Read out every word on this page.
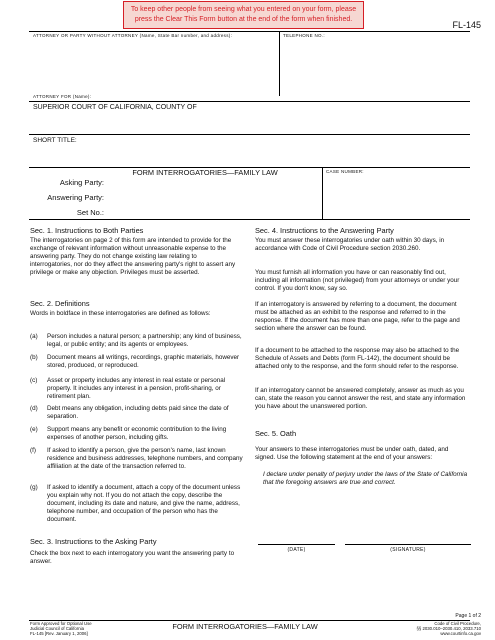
To keep other people from seeing what you entered on your form, please press the Clear This Form button at the end of the form when finished.
FL-145
ATTORNEY OR PARTY WITHOUT ATTORNEY (Name, State Bar number, and address):	TELEPHONE NO.:
ATTORNEY FOR (Name):
SUPERIOR COURT OF CALIFORNIA, COUNTY OF
SHORT TITLE:
FORM INTERROGATORIES—FAMILY LAW	CASE NUMBER:
Asking Party:
Answering Party:
Set No.:
Sec. 1. Instructions to Both Parties
The interrogatories on page 2 of this form are intended to provide for the exchange of relevant information without unreasonable expense to the answering party. They do not change existing law relating to interrogatories, nor do they affect the answering party's right to assert any privilege or make any objection. Privileges must be asserted.
Sec. 2. Definitions
Words in boldface in these interrogatories are defined as follows:
(a) Person includes a natural person; a partnership; any kind of business, legal, or public entity; and its agents or employees.
(b) Document means all writings, recordings, graphic materials, however stored, produced, or reproduced.
(c) Asset or property includes any interest in real estate or personal property. It includes any interest in a pension, profit-sharing, or retirement plan.
(d) Debt means any obligation, including debts paid since the date of separation.
(e) Support means any benefit or economic contribution to the living expenses of another person, including gifts.
(f) If asked to identify a person, give the person's name, last known residence and business addresses, telephone numbers, and company affiliation at the date of the transaction referred to.
(g) If asked to identify a document, attach a copy of the document unless you explain why not. If you do not attach the copy, describe the document, including its date and nature, and give the name, address, telephone number, and occupation of the person who has the document.
Sec. 3. Instructions to the Asking Party
Check the box next to each interrogatory you want the answering party to answer.
Sec. 4. Instructions to the Answering Party
You must answer these interrogatories under oath within 30 days, in accordance with Code of Civil Procedure section 2030.260.
You must furnish all information you have or can reasonably find out, including all information (not privileged) from your attorneys or under your control. If you don't know, say so.
If an interrogatory is answered by referring to a document, the document must be attached as an exhibit to the response and referred to in the response. If the document has more than one page, refer to the page and section where the answer can be found.
If a document to be attached to the response may also be attached to the Schedule of Assets and Debts (form FL-142), the document should be attached only to the response, and the form should refer to the response.
If an interrogatory cannot be answered completely, answer as much as you can, state the reason you cannot answer the rest, and state any information you have about the unanswered portion.
Sec. 5. Oath
Your answers to these interrogatories must be under oath, dated, and signed. Use the following statement at the end of your answers:
I declare under penalty of perjury under the laws of the State of California that the foregoing answers are true and correct.
(DATE)	(SIGNATURE)
Page 1 of 2
Form Approved for Optional Use
Judicial Council of California
FL-145 [Rev. January 1, 2006]
FORM INTERROGATORIES—FAMILY LAW	Code of Civil Procedure,
§§ 2030.010–2030.410, 2033.710
www.courtinfo.ca.gov
